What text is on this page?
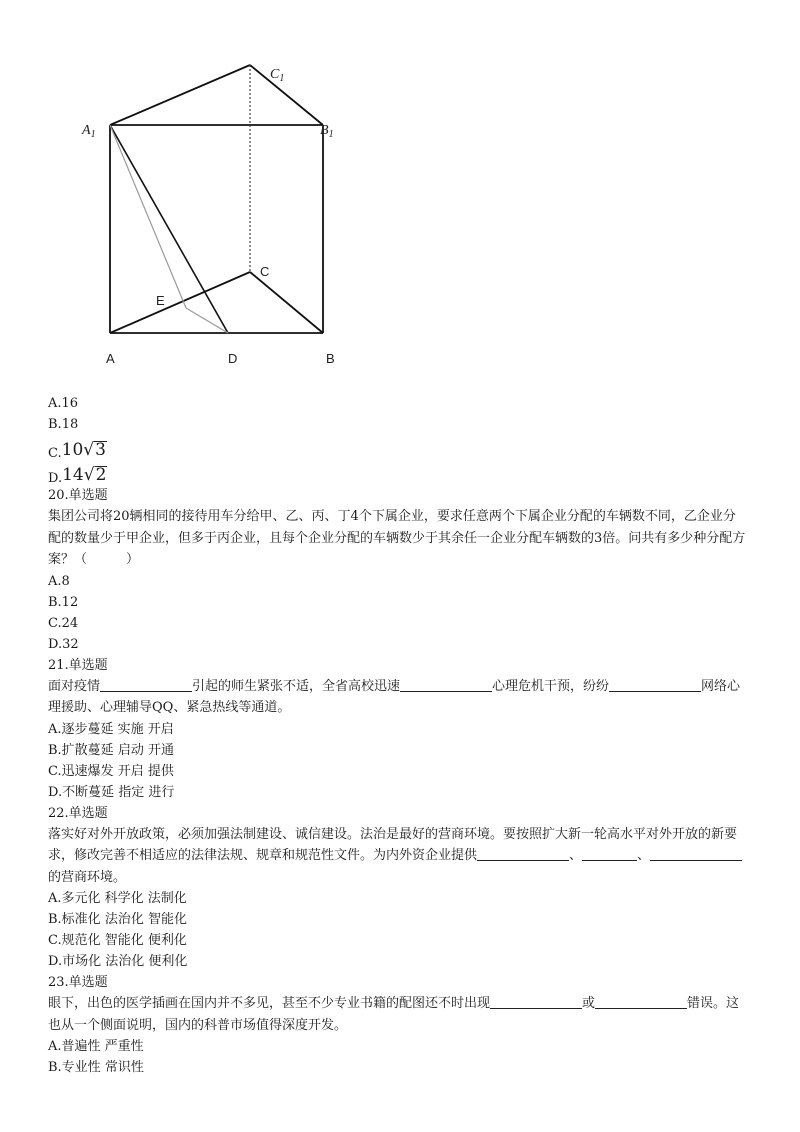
$A_1$	$B_1$
$C_1$
C
E
A	D	B
A.16
B.18
C.10√3
D.14√2
20.单选题
集团公司将20辆相同的接待用车分给甲、乙、丙、丁4个下属企业，要求任意两个下属企业分配的车辆数不同，乙企业分配的数量少于甲企业，但多于丙企业，且每个企业分配的车辆数少于其余任一企业分配车辆数的3倍。问共有多少种分配方案？（　　　）
A.8
B.12
C.24
D.32
21.单选题
面对疫情	引起的师生紧张不适，全省高校迅速	心理危机干预，纷纷	网络心理援助、心理辅导QQ、紧急热线等通道。
A.逐步蔓延 实施 开启
B.扩散蔓延 启动 开通
C.迅速爆发 开启 提供
D.不断蔓延 指定 进行
22.单选题
落实好对外开放政策，必须加强法制建设、诚信建设。法治是最好的营商环境。要按照扩大新一轮高水平对外开放的新要求，修改完善不相适应的法律法规、规章和规范性文件。为内外资企业提供	、	、的营商环境。
A.多元化 科学化 法制化
B.标准化 法治化 智能化
C.规范化 智能化 便利化
D.市场化 法治化 便利化
23.单选题
眼下，出色的医学插画在国内并不多见，甚至不少专业书籍的配图还不时出现	或	错误。这也从一个侧面说明，国内的科普市场值得深度开发。
A.普遍性 严重性
B.专业性 常识性
